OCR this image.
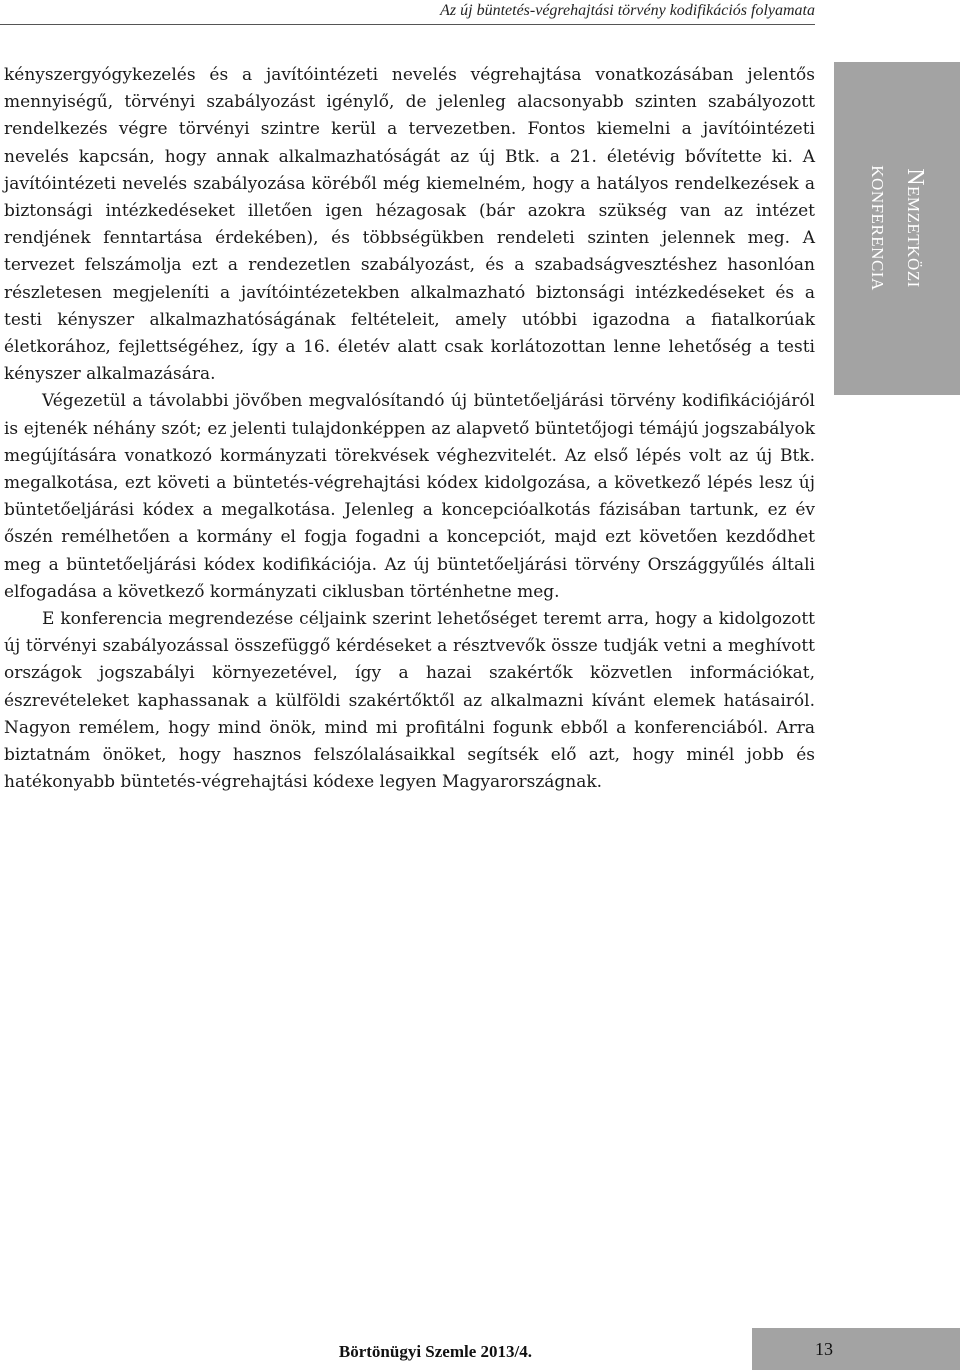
Az új büntetés-végrehajtási törvény kodifikációs folyamata

kényszergyógykezelés és a javítóintézeti nevelés végrehajtása vonatkozásában jelentős mennyiségű, törvényi szabályozást igénylő, de jelenleg alacsonyabb szinten szabályozott rendelkezés végre törvényi szintre kerül a tervezetben. Fontos kiemelni a javítóintézeti nevelés kapcsán, hogy annak alkalmazhatóságát az új Btk. a 21. életévig bővítette ki. A javítóintézeti nevelés szabályozása köréből még kiemelném, hogy a hatályos rendelkezések a biztonsági intézkedéseket illetően igen hézagosak (bár azokra szükség van az intézet rendjének fenntartása érdekében), és többségükben rendeleti szinten jelennek meg. A tervezet felszámolja ezt a rendezetlen szabályozást, és a szabadságvesztéshez hasonlóan részletesen megjeleníti a javítóintézetekben alkalmazható biztonsági intézkedéseket és a testi kényszer alkalmazhatóságának feltételeit, amely utóbbi igazodna a fiatalkorúak életkorához, fejlettségéhez, így a 16. életév alatt csak korlátozottan lenne lehetőség a testi kényszer alkalmazására.

Végezetül a távolabbi jövőben megvalósítandó új büntetőeljárási törvény kodifikációjáról is ejtenék néhány szót; ez jelenti tulajdonképpen az alapvető büntetőjogi témájú jogszabályok megújítására vonatkozó kormányzati törekvések véghezvitelét. Az első lépés volt az új Btk. megalkotása, ezt követi a büntetés-végrehajtási kódex kidolgozása, a következő lépés lesz új büntetőeljárási kódex a megalkotása. Jelenleg a koncepcióalkotás fázisában tartunk, ez év őszén remélhetően a kormány el fogja fogadni a koncepciót, majd ezt követően kezdődhet meg a büntetőeljárási kódex kodifikációja. Az új büntetőeljárási törvény Országgyűlés általi elfogadása a következő kormányzati ciklusban történhetne meg.

E konferencia megrendezése céljaink szerint lehetőséget teremt arra, hogy a kidolgozott új törvényi szabályozással összefüggő kérdéseket a résztvevők össze tudják vetni a meghívott országok jogszabályi környezetével, így a hazai szakértők közvetlen információkat, észrevételeket kaphassanak a külföldi szakértőktől az alkalmazni kívánt elemek hatásairól. Nagyon remélem, hogy mind önök, mind mi profitálni fogunk ebből a konferenciából. Arra biztatnám önöket, hogy hasznos felszólalásaikkal segítsék elő azt, hogy minél jobb és hatékonyabb büntetés-végrehajtási kódexe legyen Magyarországnak.

Nemzetközi
konferencia
Börtönügyi Szemle 2013/4.	13
